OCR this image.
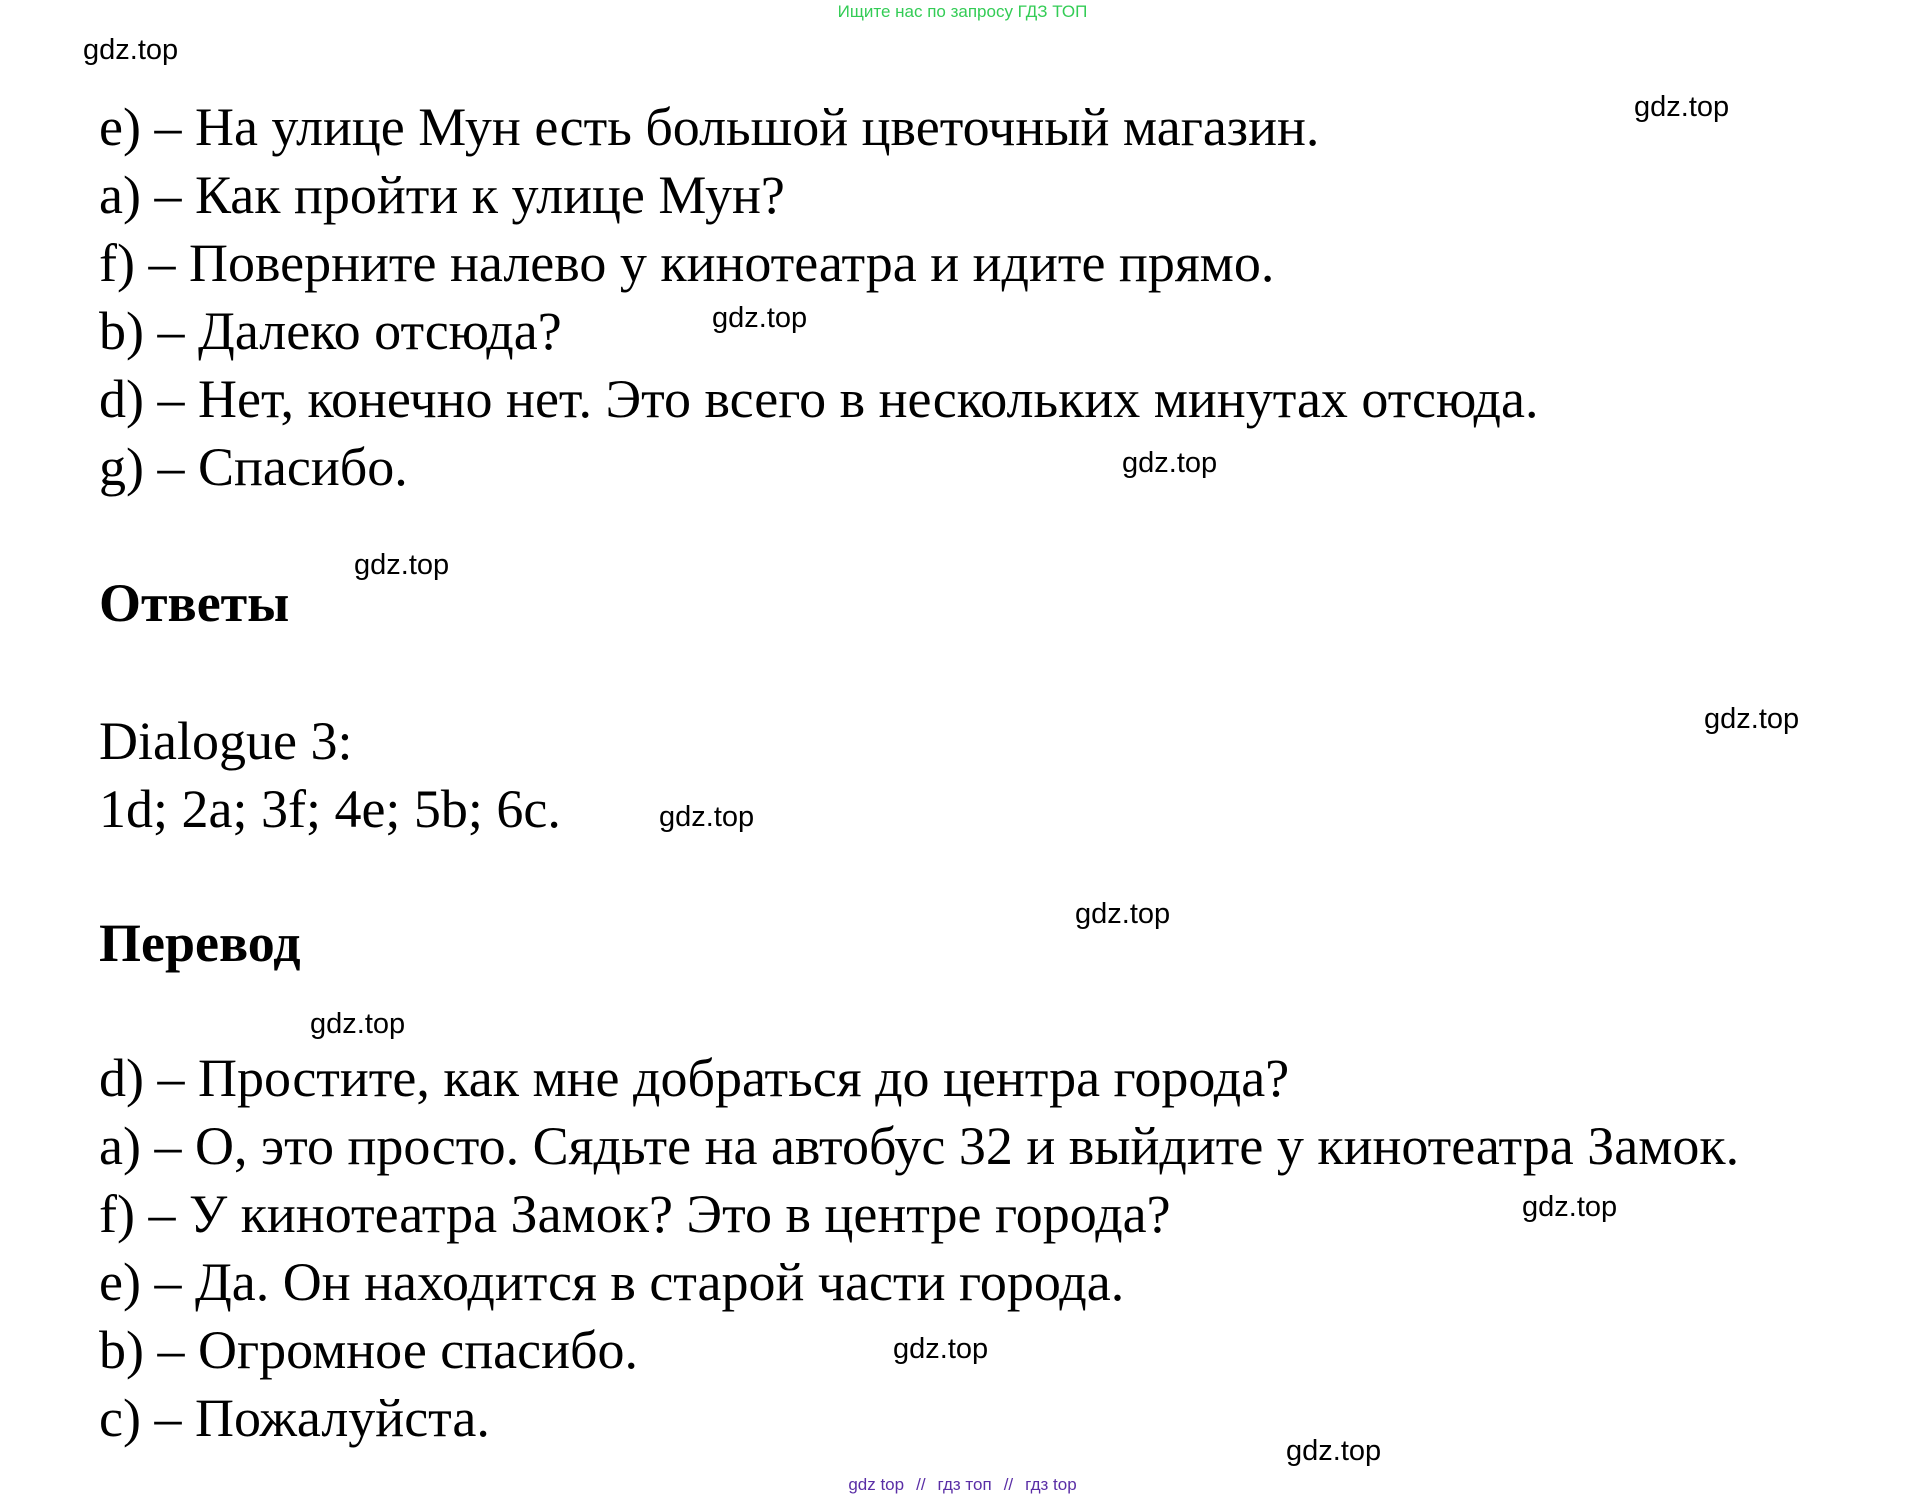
Ищите нас по запросу ГДЗ ТОП
gdz.top
gdz.top
gdz.top
gdz.top
gdz.top
gdz.top
gdz.top
gdz.top
gdz.top
gdz.top
gdz.top
gdz.top
e) – На улице Мун есть большой цветочный магазин.
a) – Как пройти к улице Мун?
f) – Поверните налево у кинотеатра и идите прямо.
b) – Далеко отсюда?
d) – Нет, конечно нет. Это всего в нескольких минутах отсюда.
g) – Спасибо.
Ответы
Dialogue 3:
1d; 2a; 3f; 4e; 5b; 6c.
Перевод
d) – Простите, как мне добраться до центра города?
a) – О, это просто. Сядьте на автобус 32 и выйдите у кинотеатра Замок.
f) – У кинотеатра Замок? Это в центре города?
e) – Да. Он находится в старой части города.
b) – Огромное спасибо.
c) – Пожалуйста.
gdz top // гдз топ // гдз top
